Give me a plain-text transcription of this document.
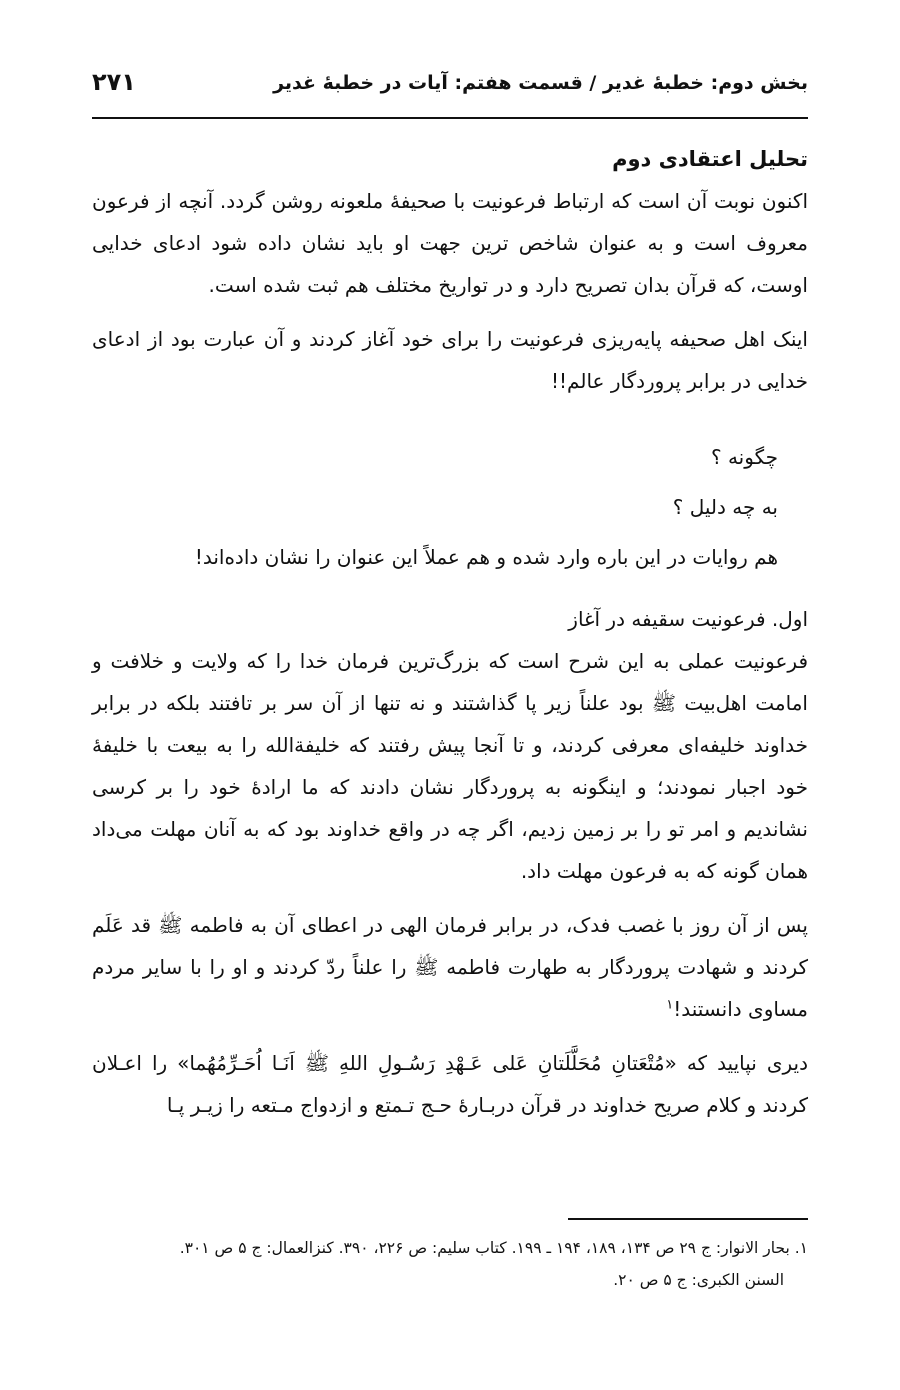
بخش دوم: خطبۀ غدیر / قسمت هفتم: آیات در خطبۀ غدیر
۲۷۱

تحلیل اعتقادی دوم

اکنون نوبت آن است که ارتباط فرعونیت با صحیفۀ ملعونه روشن گردد. آنچه از فرعون معروف است و به عنوان شاخص ترین جهت او باید نشان داده شود ادعای خدایی اوست، که قرآن بدان تصریح دارد و در تواریخ مختلف هم ثبت شده است.

اینک اهل صحیفه پایه‌ریزی فرعونیت را برای خود آغاز کردند و آن عبارت بود از ادعای خدایی در برابر پروردگار عالم!!

چگونه ؟

به چه دلیل ؟

هم روایات در این باره وارد شده و هم عملاً این عنوان را نشان داده‌اند!

اول. فرعونیت سقیفه در آغاز

فرعونیت عملی به این شرح است که بزرگ‌ترین فرمان خدا را که ولایت و خلافت و امامت اهل‌بیت ﷺ بود علناً زیر پا گذاشتند و نه تنها از آن سر بر تافتند بلکه در برابر خداوند خلیفه‌ای معرفی کردند، و تا آنجا پیش رفتند که خلیفةالله را به بیعت با خلیفۀ خود اجبار نمودند؛ و اینگونه به پروردگار نشان دادند که ما ارادۀ خود را بر کرسی نشاندیم و امر تو را بر زمین زدیم، اگر چه در واقع خداوند بود که به آنان مهلت می‌داد همان گونه که به فرعون مهلت داد.

پس از آن روز با غصب فدک، در برابر فرمان الهی در اعطای آن به فاطمه ﷺ قد عَلَم کردند و شهادت پروردگار به طهارت فاطمه ﷺ را علناً ردّ کردند و او را با سایر مردم مساوی دانستند!$^۱$

دیری نپایید که «مُتْعَتانِ مُحَلَّلَتانِ عَلی عَـهْدِ رَسُـولِ اللهِ ﷺ اَنَـا اُحَـرِّمُهُما» را اعـلان کردند و کلام صریح خداوند در قرآن دربـارۀ حـج تـمتع و ازدواج مـتعه را زیـر پـا

۱. بحار الانوار: ج ۲۹ ص ۱۳۴، ۱۸۹، ۱۹۴ ـ ۱۹۹. کتاب سلیم: ص ۲۲۶، ۳۹۰. کنزالعمال: ج ۵ ص ۳۰۱.

السنن الکبری: ج ۵ ص ۲۰.
